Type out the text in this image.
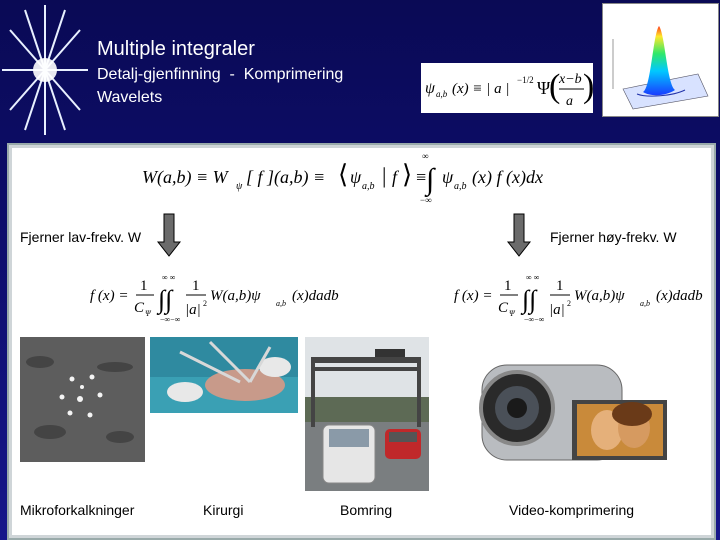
Multiple integraler
Detalj-gjenfinning  -  Komprimering
Wavelets
ψ a,b (x) ≡ | a |
−1/2 Ψ
(
x−b
a )
W(a,b) ≡ W ψ [ f ](a,b) ≡ ⟨ ψ a,b | f ⟩ ≡ ∫
∞
−∞
ψ a,b (x) f (x)dx
Fjerner lav-frekv. W	Fjerner høy-frekv. W
f (x) =
1
C Ψ ∫∫
∞ ∞
−∞−∞
1
|a| 2 W(a,b)ψ a,b (x)dadb	f (x) =
1
C Ψ ∫∫
∞ ∞
−∞−∞
1
|a| 2 W(a,b)ψ a,b (x)dadb
Mikroforkalkninger	Kirurgi	Bomring	Video-komprimering
